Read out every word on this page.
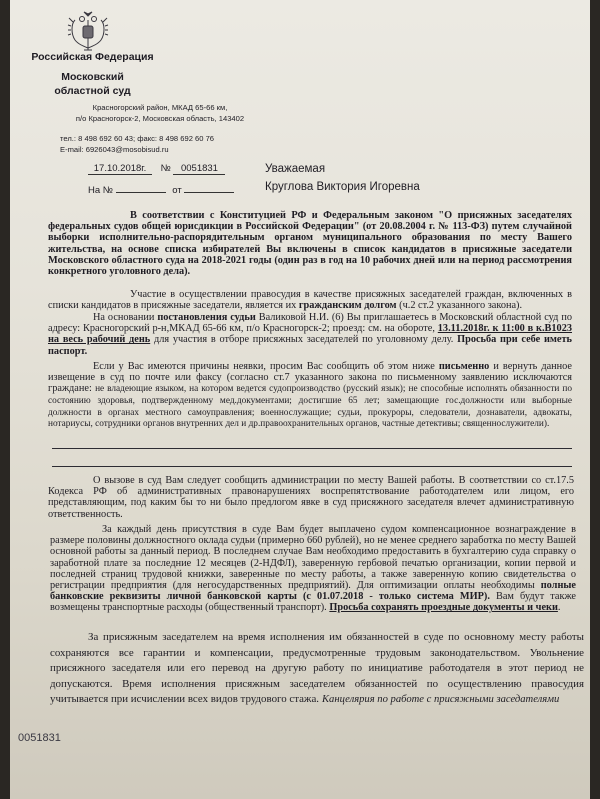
Российская Федерация
Московский
областной суд
Красногорский район, МКАД 65-66 км,
п/о Красногорск-2, Московская область, 143402
тел.: 8 498 692 60 43; факс: 8 498 692 60 76
E-mail: 6926043@mosobisud.ru
17.10.2018г. № 0051831
На №	от
Уважаемая
Круглова Виктория Игоревна
В соответствии с Конституцией РФ и Федеральным законом "О присяжных заседателях федеральных судов общей юрисдикции в Российской Федерации" (от 20.08.2004 г. № 113-ФЗ) путем случайной выборки исполнительно-распорядительным органом муниципального образования по месту Вашего жительства, на основе списка избирателей Вы включены в список кандидатов в присяжные заседатели Московского областного суда на 2018-2021 годы (один раз в год на 10 рабочих дней или на период рассмотрения конкретного уголовного дела).
Участие в осуществлении правосудия в качестве присяжных заседателей граждан, включенных в списки кандидатов в присяжные заседатели, является их гражданским долгом (ч.2 ст.2 указанного закона).
На основании постановления судьи Валиковой Н.И. (6) Вы приглашаетесь в Московский областной суд по адресу: Красногорский р-н,МКАД 65-66 км, п/о Красногорск-2; проезд: см. на обороте, 13.11.2018г. к 11:00 в к.В1023 на весь рабочий день для участия в отборе присяжных заседателей по уголовному делу. Просьба при себе иметь паспорт.
Если у Вас имеются причины неявки, просим Вас сообщить об этом ниже письменно и вернуть данное извещение в суд по почте или факсу (согласно ст.7 указанного закона по письменному заявлению исключаются граждане: не владеющие языком, на котором ведется судопроизводство (русский язык); не способные исполнять обязанности по состоянию здоровья, подтвержденному мед.документами; достигшие 65 лет; замещающие гос.должности или выборные должности в органах местного самоуправления; военнослужащие; судьи, прокуроры, следователи, дознаватели, адвокаты, нотариусы, сотрудники органов внутренних дел и др.правоохранительных органов, частные детективы; священнослужители).
О вызове в суд Вам следует сообщить администрации по месту Вашей работы. В соответствии со ст.17.5 Кодекса РФ об административных правонарушениях воспрепятствование работодателем или лицом, его представляющим, под каким бы то ни было предлогом явке в суд присяжного заседателя влечет административную ответственность.
За каждый день присутствия в суде Вам будет выплачено судом компенсационное вознаграждение в размере половины должностного оклада судьи (примерно 660 рублей), но не менее среднего заработка по месту Вашей основной работы за данный период. В последнем случае Вам необходимо предоставить в бухгалтерию суда справку о заработной плате за последние 12 месяцев (2-НДФЛ), заверенную гербовой печатью организации, копии первой и последней страниц трудовой книжки, заверенные по месту работы, а также заверенную копию свидетельства о регистрации предприятия (для негосударственных предприятий). Для оптимизации оплаты необходимы полные банковские реквизиты личной банковской карты (с 01.07.2018 - только система МИР). Вам будут также возмещены транспортные расходы (общественный транспорт). Просьба сохранять проездные документы и чеки.
За присяжным заседателем на время исполнения им обязанностей в суде по основному месту работы сохраняются все гарантии и компенсации, предусмотренные трудовым законодательством. Увольнение присяжного заседателя или его перевод на другую работу по инициативе работодателя в этот период не допускаются. Время исполнения присяжным заседателем обязанностей по осуществлению правосудия учитывается при исчислении всех видов трудового стажа. Канцелярия по работе с присяжными заседателями
0051831
